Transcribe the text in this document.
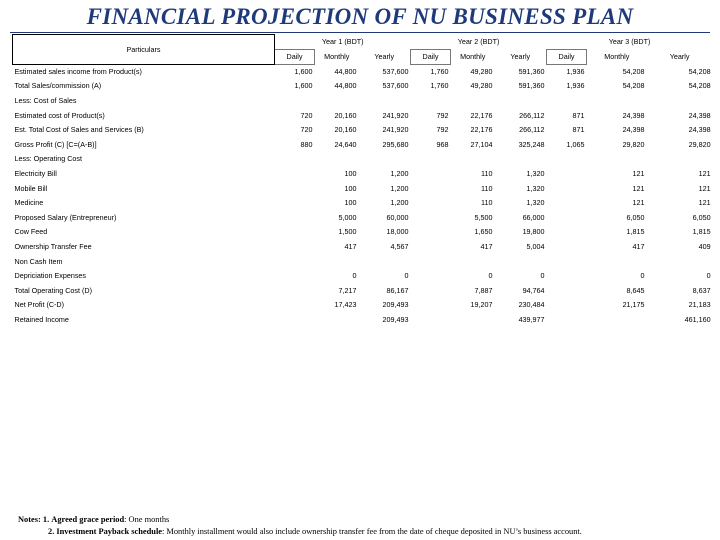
FINANCIAL PROJECTION OF NU BUSINESS PLAN
Particulars	Year 1 (BDT)			Year 2 (BDT)			Year 3 (BDT)		
	Daily	Monthly	Yearly	Daily	Monthly	Yearly	Daily	Monthly	Yearly
Estimated sales income from Product(s)	1,600	44,800	537,600	1,760	49,280	591,360	1,936	54,208	54,208
Total Sales/commission (A)	1,600	44,800	537,600	1,760	49,280	591,360	1,936	54,208	54,208
Less: Cost of Sales									
Estimated cost of Product(s)	720	20,160	241,920	792	22,176	266,112	871	24,398	24,398
Est. Total Cost of Sales and Services (B)	720	20,160	241,920	792	22,176	266,112	871	24,398	24,398
Gross Profit (C) [C=(A-B)]	880	24,640	295,680	968	27,104	325,248	1,065	29,820	29,820
Less: Operating Cost									
Electricity Bill		100	1,200		110	1,320		121	121
Mobile Bill		100	1,200		110	1,320		121	121
Medicine		100	1,200		110	1,320		121	121
Proposed Salary (Entrepreneur)		5,000	60,000		5,500	66,000		6,050	6,050
Cow Feed		1,500	18,000		1,650	19,800		1,815	1,815
Ownership Transfer Fee		417	4,567		417	5,004		417	409
Non Cash Item									
Depriciation Expenses		0	0		0	0		0	0
Total Operating Cost (D)		7,217	86,167		7,887	94,764		8,645	8,637
Net Profit (C-D)		17,423	209,493		19,207	230,484		21,175	21,183
Retained Income			209,493			439,977			461,160
Notes: 1. Agreed grace period: One months
2. Investment Payback schedule: Monthly installment would also include ownership transfer fee from the date of cheque deposited in NU’s business account.
